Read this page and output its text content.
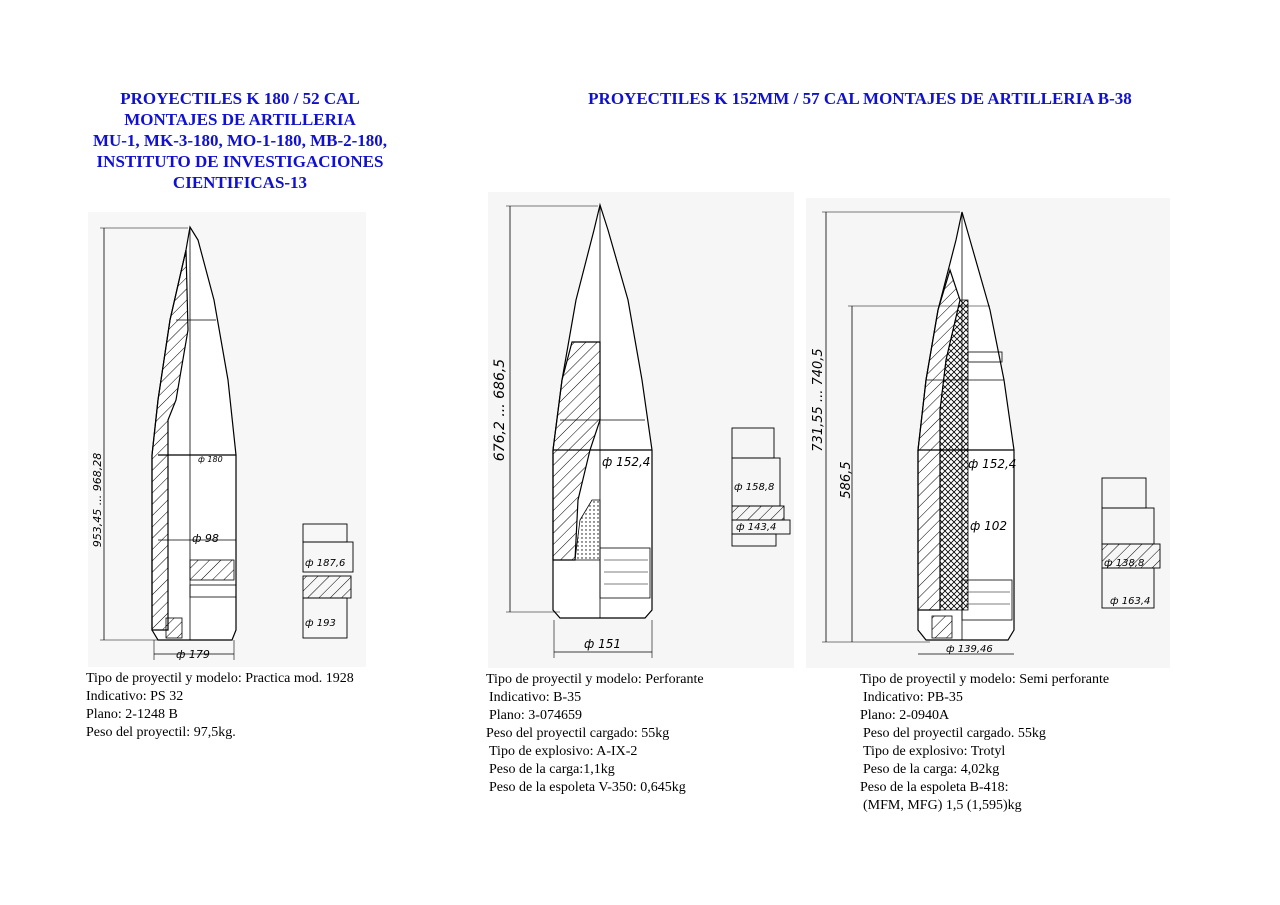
PROYECTILES K 180 / 52 CAL
MONTAJES DE ARTILLERIA
MU-1, MK-3-180, MO-1-180, MB-2-180,
INSTITUTO DE INVESTIGACIONES
CIENTIFICAS-13
PROYECTILES K 152MM / 57 CAL MONTAJES DE ARTILLERIA B-38
953,45 ... 968,28	ф 180
ф 98
ф 179
ф 187,6
ф 193
676,2 ... 686,5
ф 152,4
ф 151
ф 158,8
ф 143,4
731,55 ... 740,5
586,5	ф 152,4
ф 102
ф 139,46
ф 138,8
ф 163,4
Tipo de proyectil y modelo: Practica mod. 1928
Indicativo: PS 32
Plano: 2-1248 B
Peso del proyectil: 97,5kg.
Tipo de proyectil y modelo: Perforante
Indicativo: B-35
Plano: 3-074659
Peso del proyectil cargado: 55kg
Tipo de explosivo: A-IX-2
Peso de la carga:1,1kg
Peso de la espoleta V-350: 0,645kg
Tipo de proyectil y modelo: Semi perforante
Indicativo: PB-35
Plano: 2-0940A
Peso del proyectil cargado. 55kg
Tipo de explosivo: Trotyl
Peso de la carga: 4,02kg
Peso de la espoleta B-418:
(MFM, MFG) 1,5 (1,595)kg
